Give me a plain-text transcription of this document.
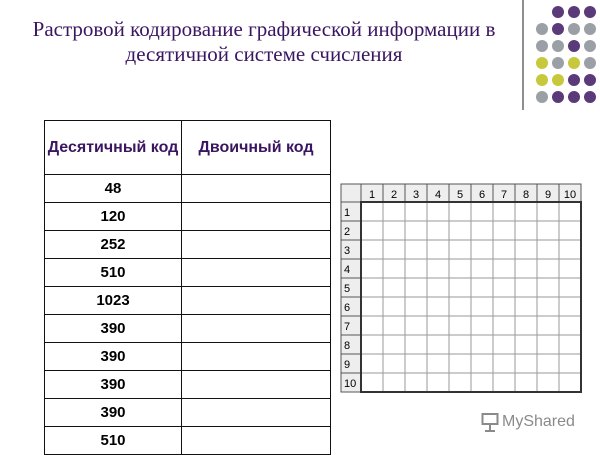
Растровой кодирование графической информации в
десятичной системе счисления
Десятичный код	Двоичный код
48	
120	
252	
510	
1023	
390	
390	
390	
390	
510	
1 2 3 4 5 6 7 8 9 10
1
2
3
4
5
6
7
8
9
10
MyShared
